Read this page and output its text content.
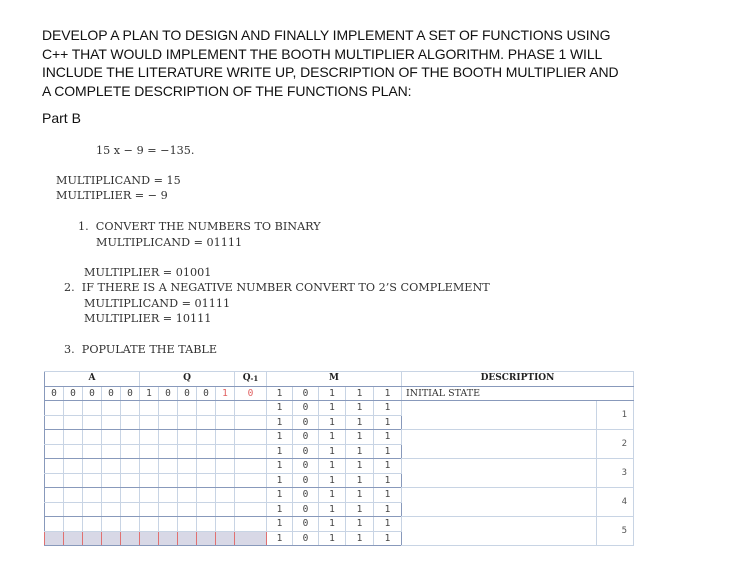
DEVELOP A PLAN TO DESIGN AND FINALLY IMPLEMENT A SET OF FUNCTIONS USING
C++ THAT WOULD IMPLEMENT THE BOOTH MULTIPLIER ALGORITHM. PHASE 1 WILL
INCLUDE THE LITERATURE WRITE UP, DESCRIPTION OF THE BOOTH MULTIPLIER AND
A COMPLETE DESCRIPTION OF THE FUNCTIONS PLAN:
Part B
15 x − 9 = −135.
MULTIPLICAND = 15
MULTIPLIER = − 9
1.  CONVERT THE NUMBERS TO BINARY
MULTIPLICAND = 01111
MULTIPLIER = 01001
2.  IF THERE IS A NEGATIVE NUMBER CONVERT TO 2’S COMPLEMENT
MULTIPLICAND = 01111
MULTIPLIER = 10111
3.  POPULATE THE TABLE
A					Q					Q-1	M					DESCRIPTION	
0	0	0	0	0	1	0	0	0	1	0	1	0	1	1	1	INITIAL STATE	
											1	0	1	1	1		1
											1	0	1	1	1		
											1	0	1	1	1		2
											1	0	1	1	1		
											1	0	1	1	1		3
											1	0	1	1	1		
											1	0	1	1	1		4
											1	0	1	1	1		
											1	0	1	1	1		5
											1	0	1	1	1		
